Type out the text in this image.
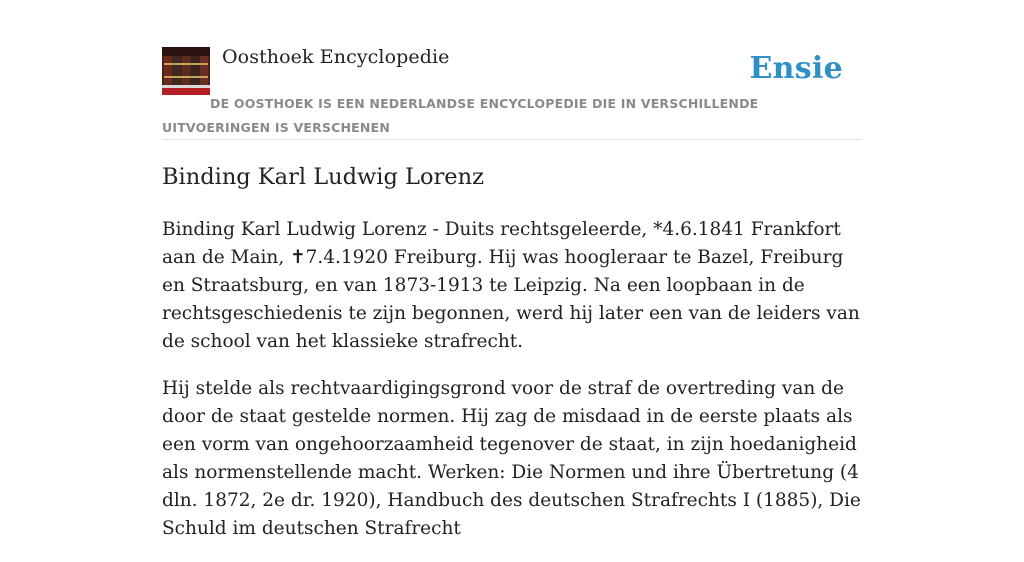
Oosthoek Encyclopedie	Ensie
DE OOSTHOEK IS EEN NEDERLANDSE ENCYCLOPEDIE DIE IN VERSCHILLENDE UITVOERINGEN IS VERSCHENEN
Binding Karl Ludwig Lorenz

Binding Karl Ludwig Lorenz - Duits rechtsgeleerde, *4.6.1841 Frankfort aan de Main, ✝7.4.1920 Freiburg. Hij was hoogleraar te Bazel, Freiburg en Straatsburg, en van 1873-1913 te Leipzig. Na een loopbaan in de rechtsgeschiedenis te zijn begonnen, werd hij later een van de leiders van de school van het klassieke strafrecht.

Hij stelde als rechtvaardigingsgrond voor de straf de overtreding van de door de staat gestelde normen. Hij zag de misdaad in de eerste plaats als een vorm van ongehoorzaamheid tegenover de staat, in zijn hoedanigheid als normenstellende macht. Werken: Die Normen und ihre Übertretung (4 dln. 1872, 2e dr. 1920), Handbuch des deutschen Strafrechts I (1885), Die Schuld im deutschen Strafrecht
